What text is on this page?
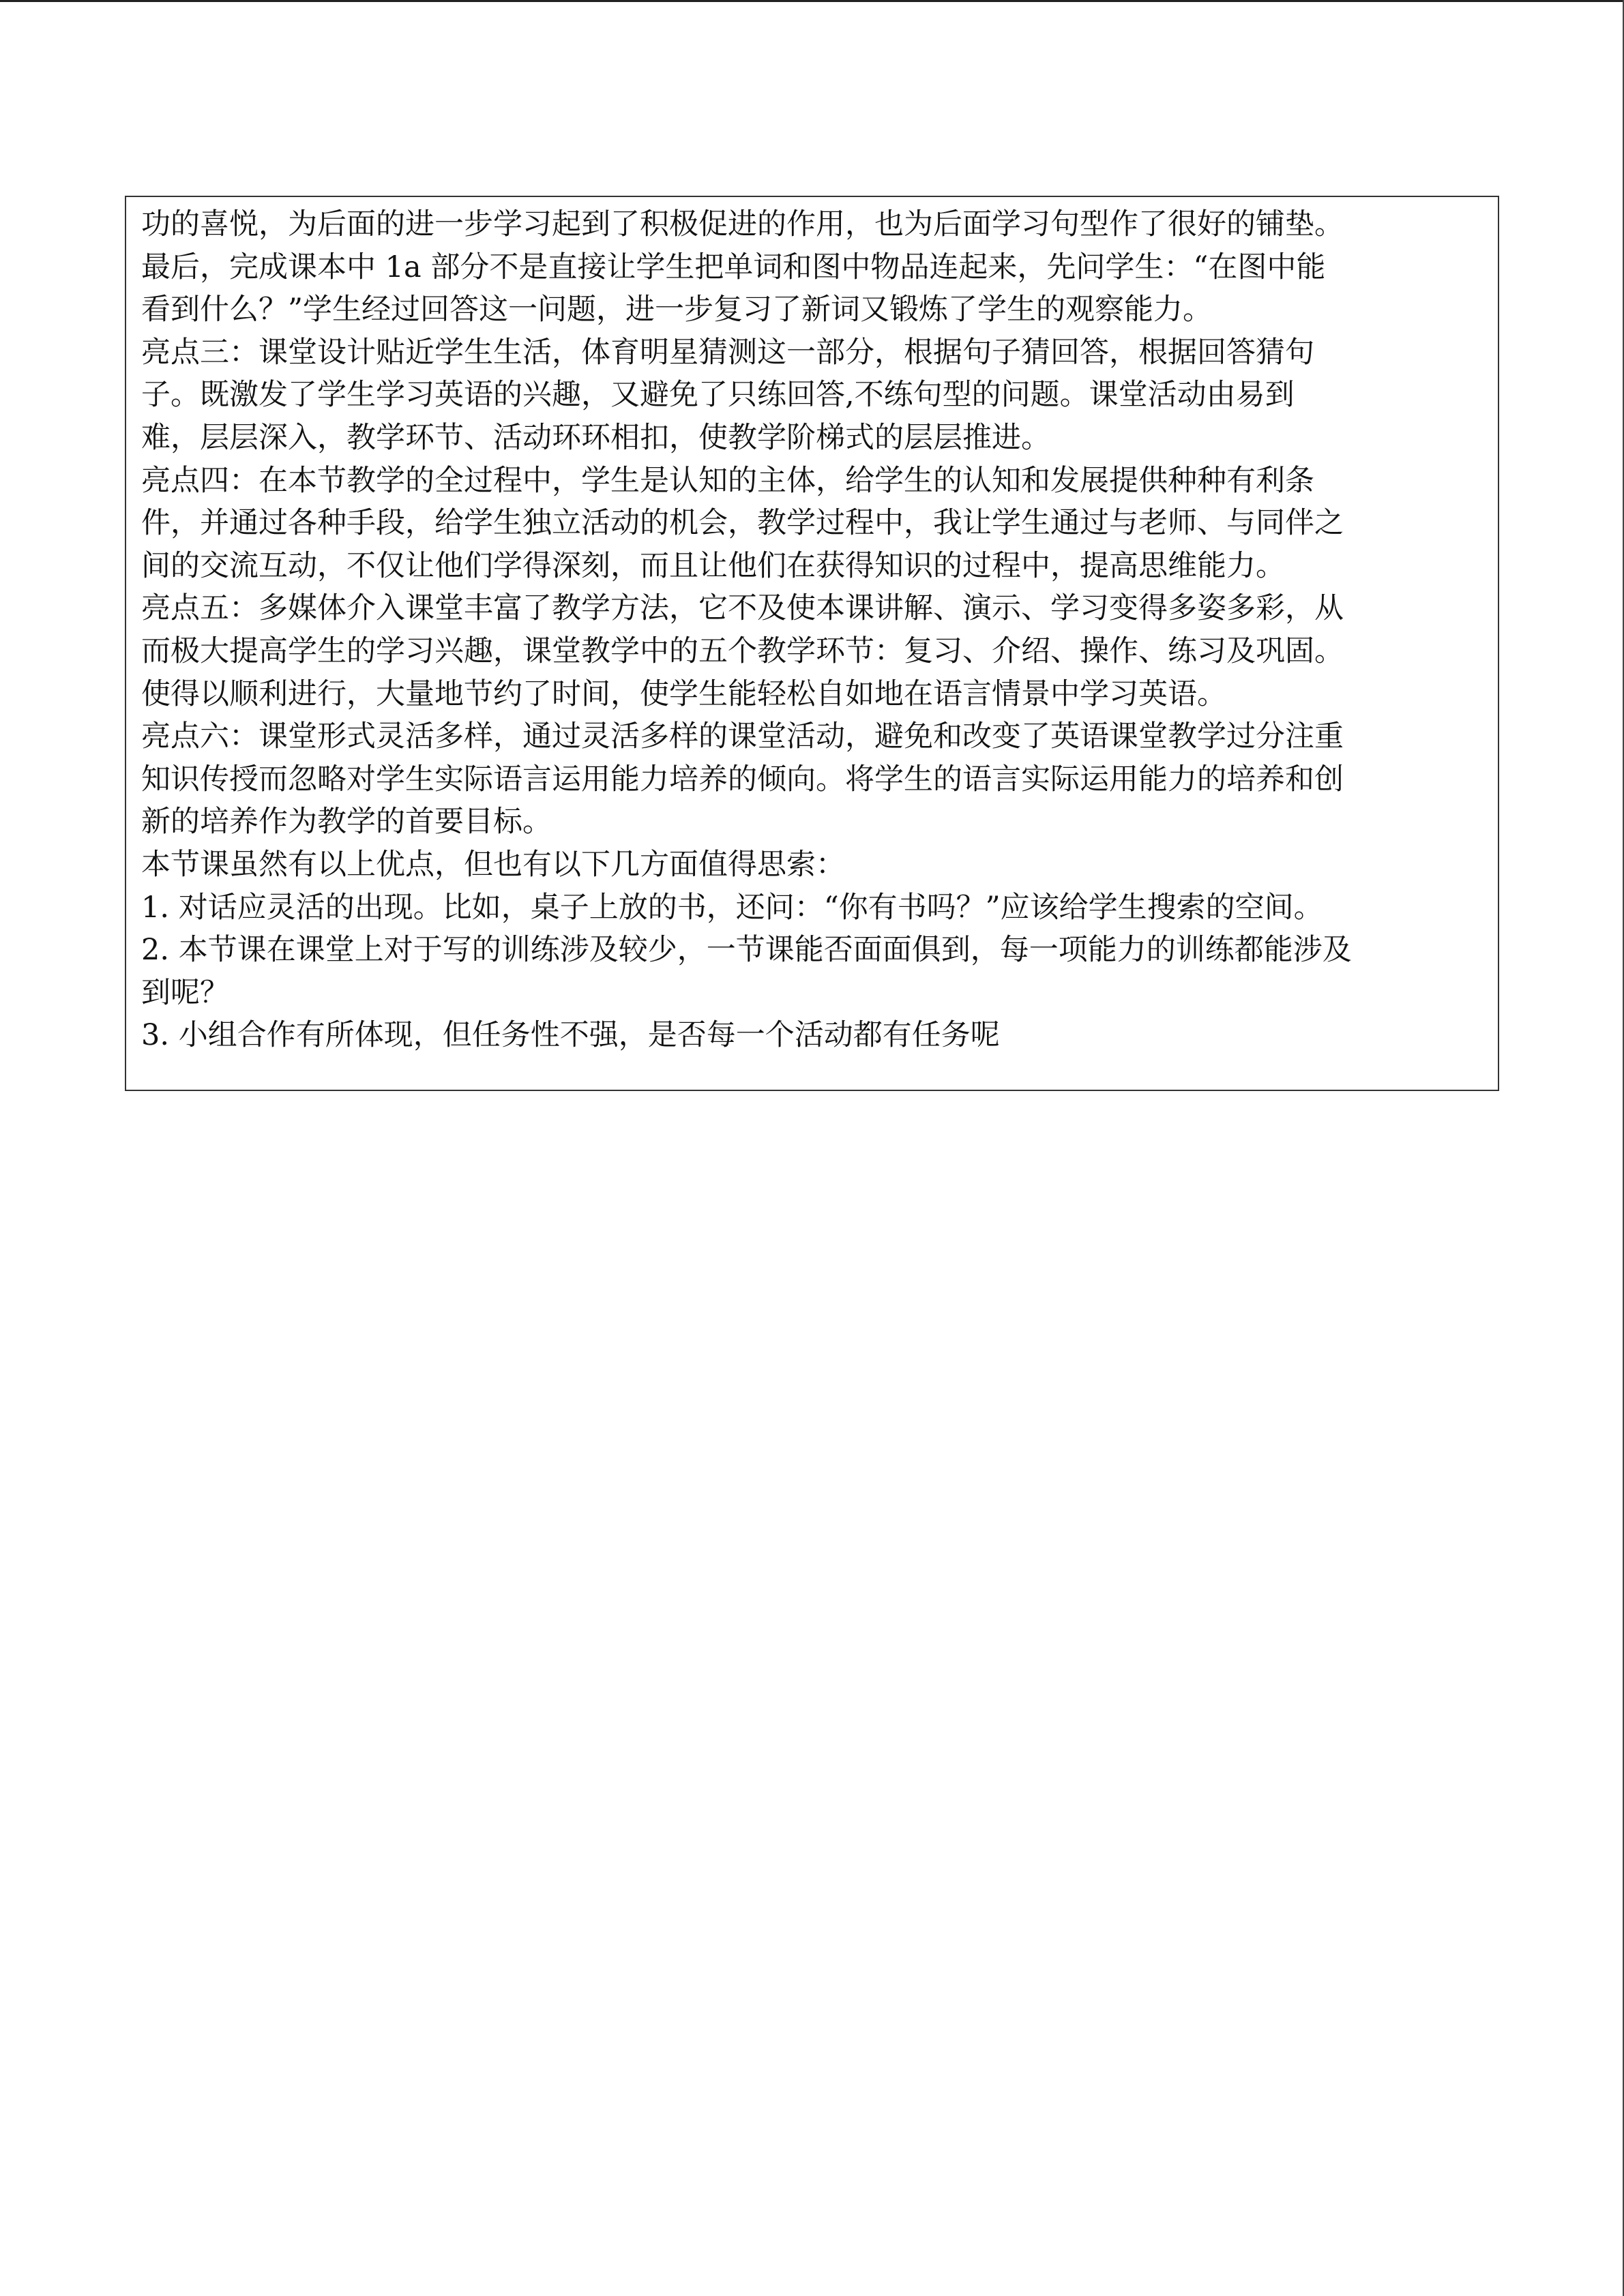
功的喜悦，为后面的进一步学习起到了积极促进的作用，也为后面学习句型作了很好的铺垫。

最后，完成课本中 1a 部分不是直接让学生把单词和图中物品连起来，先问学生：“在图中能

看到什么？”学生经过回答这一问题，进一步复习了新词又锻炼了学生的观察能力。

亮点三：课堂设计贴近学生生活，体育明星猜测这一部分，根据句子猜回答，根据回答猜句

子。既激发了学生学习英语的兴趣，又避免了只练回答,不练句型的问题。课堂活动由易到

难，层层深入，教学环节、活动环环相扣，使教学阶梯式的层层推进。

亮点四：在本节教学的全过程中，学生是认知的主体，给学生的认知和发展提供种种有利条

件，并通过各种手段，给学生独立活动的机会，教学过程中，我让学生通过与老师、与同伴之

间的交流互动，不仅让他们学得深刻，而且让他们在获得知识的过程中，提高思维能力。

亮点五：多媒体介入课堂丰富了教学方法，它不及使本课讲解、演示、学习变得多姿多彩，从

而极大提高学生的学习兴趣，课堂教学中的五个教学环节：复习、介绍、操作、练习及巩固。

使得以顺利进行，大量地节约了时间，使学生能轻松自如地在语言情景中学习英语。

亮点六：课堂形式灵活多样，通过灵活多样的课堂活动，避免和改变了英语课堂教学过分注重

知识传授而忽略对学生实际语言运用能力培养的倾向。将学生的语言实际运用能力的培养和创

新的培养作为教学的首要目标。

本节课虽然有以上优点，但也有以下几方面值得思索：

1. 对话应灵活的出现。比如，桌子上放的书，还问：“你有书吗？”应该给学生搜索的空间。

2. 本节课在课堂上对于写的训练涉及较少，一节课能否面面俱到，每一项能力的训练都能涉及

到呢？

3. 小组合作有所体现，但任务性不强，是否每一个活动都有任务呢
